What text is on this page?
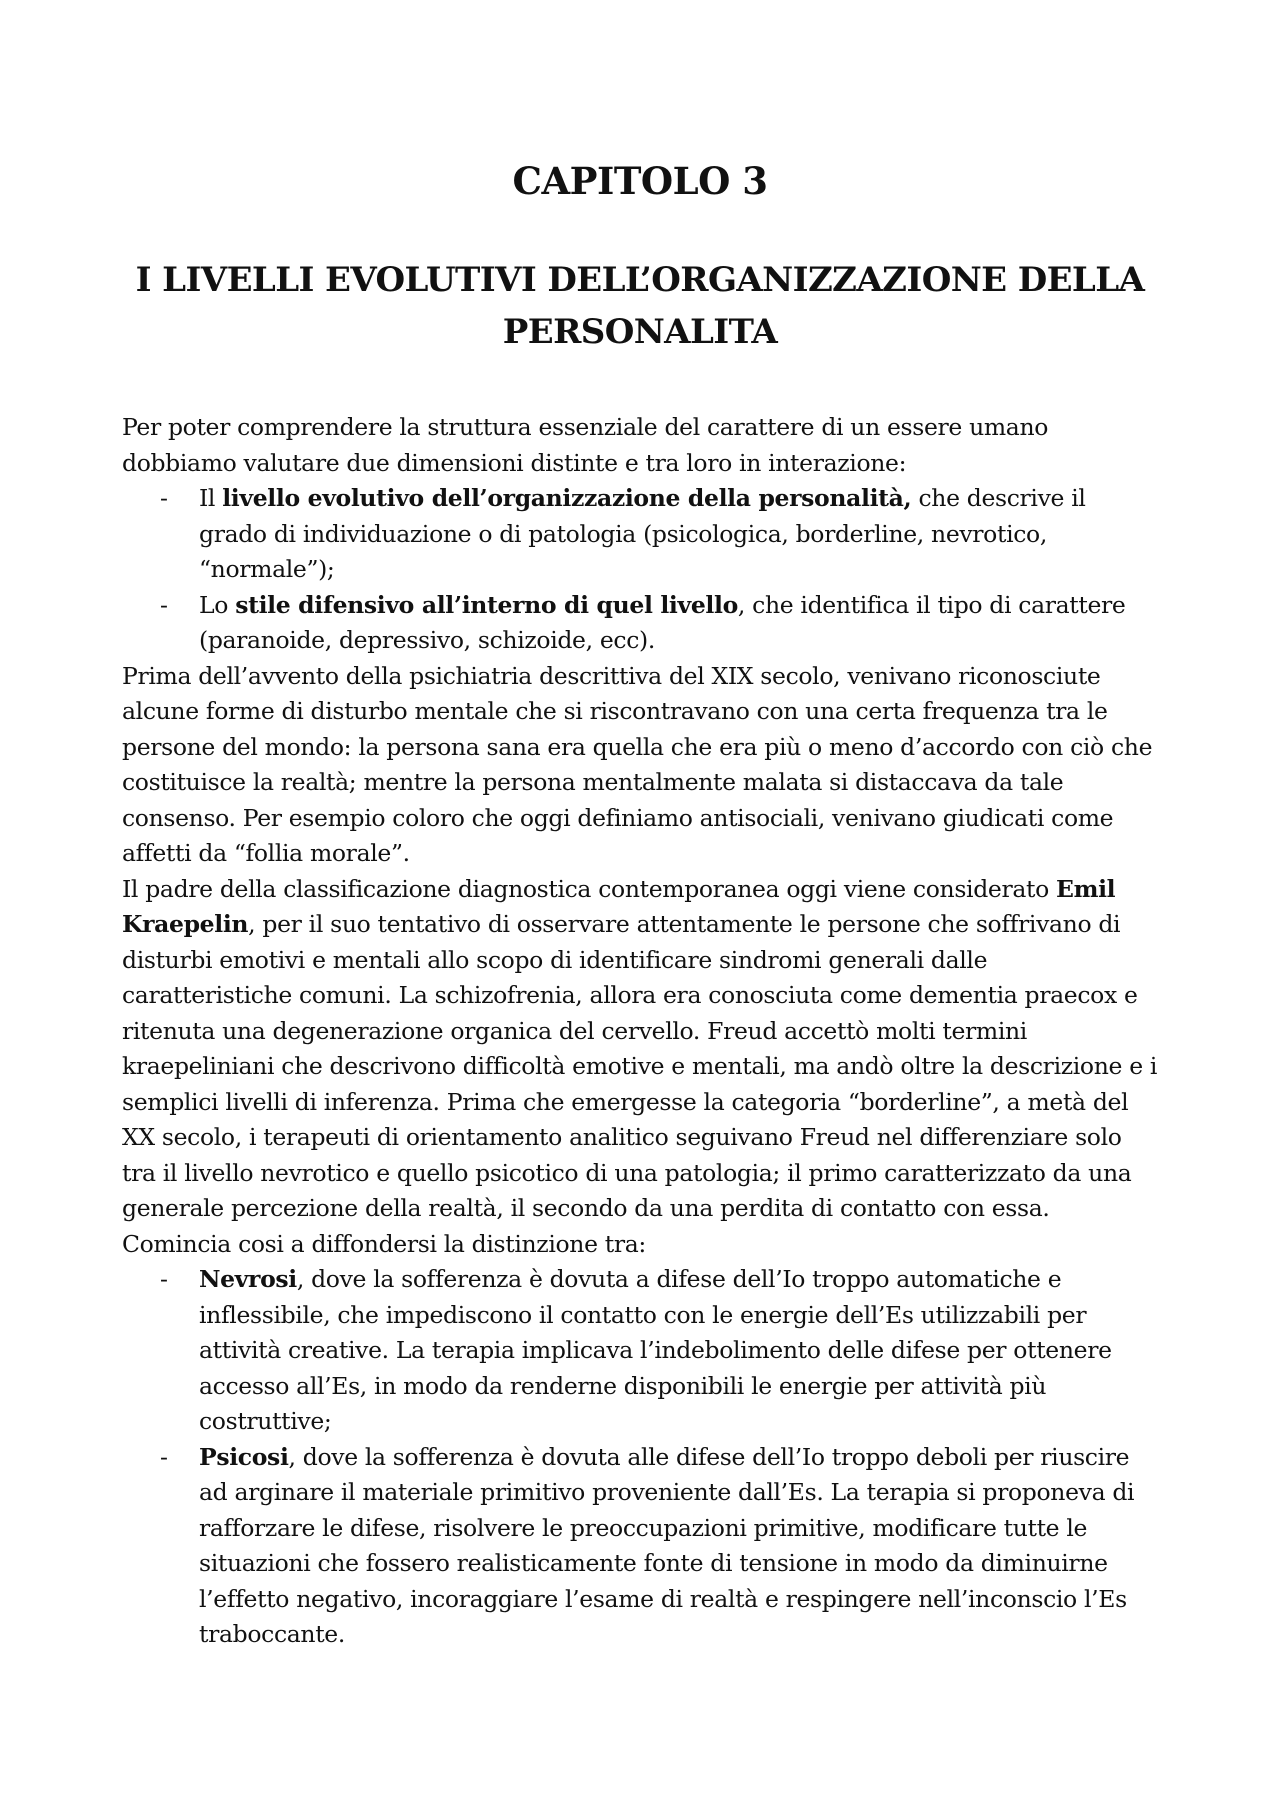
CAPITOLO 3
I LIVELLI EVOLUTIVI DELL’ORGANIZZAZIONE DELLA
PERSONALITA

Per poter comprendere la struttura essenziale del carattere di un essere umano dobbiamo valutare due dimensioni distinte e tra loro in interazione:

- Il livello evolutivo dell’organizzazione della personalità, che descrive il grado di individuazione o di patologia (psicologica, borderline, nevrotico, “normale”);
- Lo stile difensivo all’interno di quel livello, che identifica il tipo di carattere (paranoide, depressivo, schizoide, ecc).

Prima dell’avvento della psichiatria descrittiva del XIX secolo, venivano riconosciute alcune forme di disturbo mentale che si riscontravano con una certa frequenza tra le persone del mondo: la persona sana era quella che era più o meno d’accordo con ciò che costituisce la realtà; mentre la persona mentalmente malata si distaccava da tale consenso. Per esempio coloro che oggi definiamo antisociali, venivano giudicati come affetti da “follia morale”.

Il padre della classificazione diagnostica contemporanea oggi viene considerato Emil Kraepelin, per il suo tentativo di osservare attentamente le persone che soffrivano di disturbi emotivi e mentali allo scopo di identificare sindromi generali dalle caratteristiche comuni. La schizofrenia, allora era conosciuta come dementia praecox e ritenuta una degenerazione organica del cervello. Freud accettò molti termini kraepeliniani che descrivono difficoltà emotive e mentali, ma andò oltre la descrizione e i semplici livelli di inferenza. Prima che emergesse la categoria “borderline”, a metà del XX secolo, i terapeuti di orientamento analitico seguivano Freud nel differenziare solo tra il livello nevrotico e quello psicotico di una patologia; il primo caratterizzato da una generale percezione della realtà, il secondo da una perdita di contatto con essa. Comincia cosi a diffondersi la distinzione tra:

- Nevrosi, dove la sofferenza è dovuta a difese dell’Io troppo automatiche e inflessibile, che impediscono il contatto con le energie dell’Es utilizzabili per attività creative. La terapia implicava l’indebolimento delle difese per ottenere accesso all’Es, in modo da renderne disponibili le energie per attività più costruttive;
- Psicosi, dove la sofferenza è dovuta alle difese dell’Io troppo deboli per riuscire ad arginare il materiale primitivo proveniente dall’Es. La terapia si proponeva di rafforzare le difese, risolvere le preoccupazioni primitive, modificare tutte le situazioni che fossero realisticamente fonte di tensione in modo da diminuirne l’effetto negativo, incoraggiare l’esame di realtà e respingere nell’inconscio l’Es traboccante.
